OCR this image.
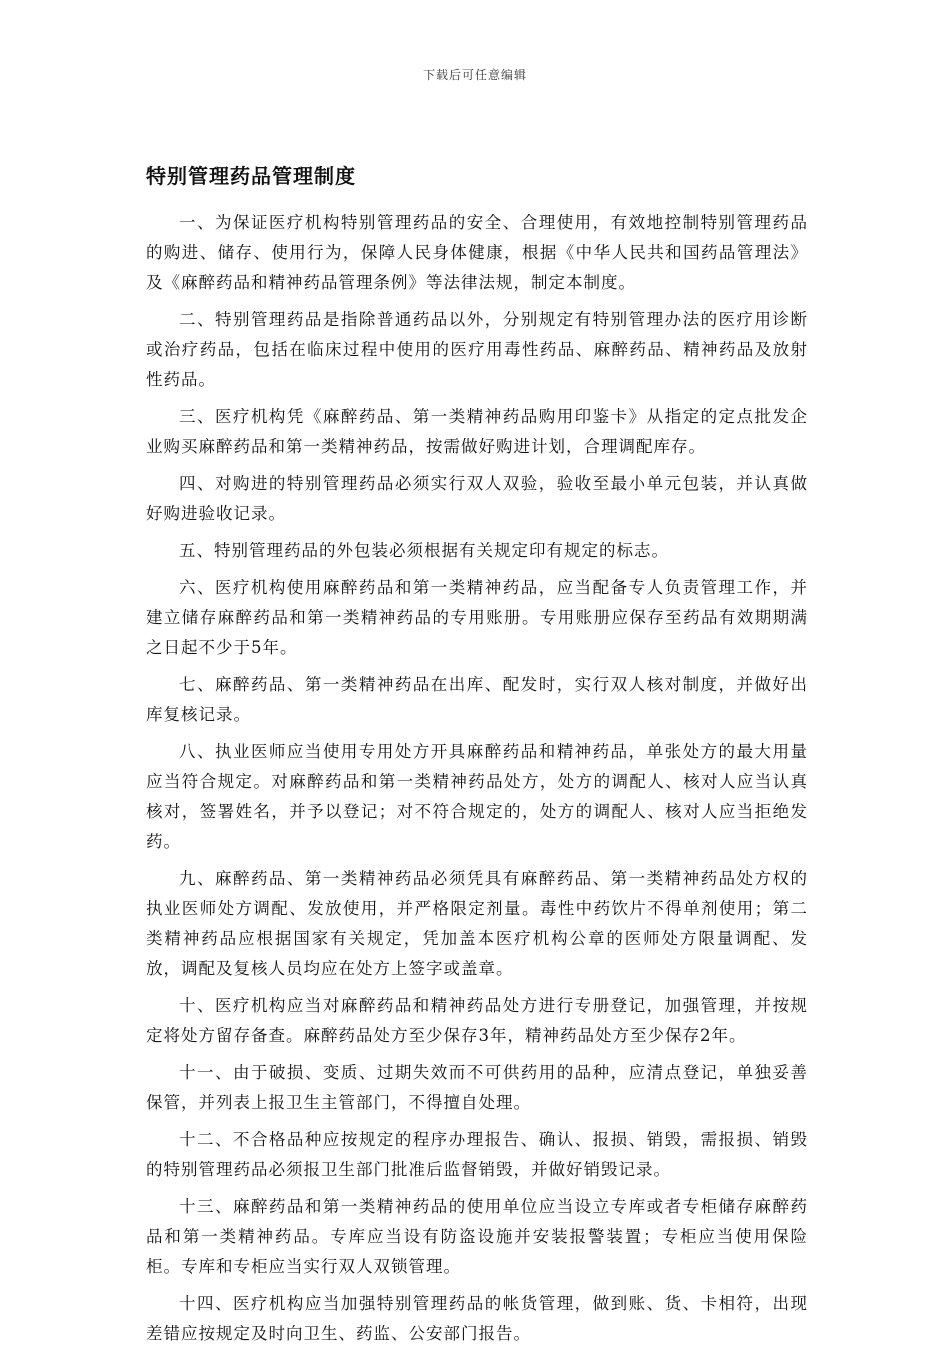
下载后可任意编辑
特别管理药品管理制度

一、为保证医疗机构特别管理药品的安全、合理使用，有效地控制特别管理药品的购进、储存、使用行为，保障人民身体健康，根据《中华人民共和国药品管理法》及《麻醉药品和精神药品管理条例》等法律法规，制定本制度。

二、特别管理药品是指除普通药品以外，分别规定有特别管理办法的医疗用诊断或治疗药品，包括在临床过程中使用的医疗用毒性药品、麻醉药品、精神药品及放射性药品。

三、医疗机构凭《麻醉药品、第一类精神药品购用印鉴卡》从指定的定点批发企业购买麻醉药品和第一类精神药品，按需做好购进计划，合理调配库存。

四、对购进的特别管理药品必须实行双人双验，验收至最小单元包装，并认真做好购进验收记录。

五、特别管理药品的外包装必须根据有关规定印有规定的标志。

六、医疗机构使用麻醉药品和第一类精神药品，应当配备专人负责管理工作，并建立储存麻醉药品和第一类精神药品的专用账册。专用账册应保存至药品有效期期满之日起不少于5年。

七、麻醉药品、第一类精神药品在出库、配发时，实行双人核对制度，并做好出库复核记录。

八、执业医师应当使用专用处方开具麻醉药品和精神药品，单张处方的最大用量应当符合规定。对麻醉药品和第一类精神药品处方，处方的调配人、核对人应当认真核对，签署姓名，并予以登记；对不符合规定的，处方的调配人、核对人应当拒绝发药。

九、麻醉药品、第一类精神药品必须凭具有麻醉药品、第一类精神药品处方权的执业医师处方调配、发放使用，并严格限定剂量。毒性中药饮片不得单剂使用；第二类精神药品应根据国家有关规定，凭加盖本医疗机构公章的医师处方限量调配、发放，调配及复核人员均应在处方上签字或盖章。

十、医疗机构应当对麻醉药品和精神药品处方进行专册登记，加强管理，并按规定将处方留存备查。麻醉药品处方至少保存3年，精神药品处方至少保存2年。

十一、由于破损、变质、过期失效而不可供药用的品种，应清点登记，单独妥善保管，并列表上报卫生主管部门，不得擅自处理。

十二、不合格品种应按规定的程序办理报告、确认、报损、销毁，需报损、销毁的特别管理药品必须报卫生部门批准后监督销毁，并做好销毁记录。

十三、麻醉药品和第一类精神药品的使用单位应当设立专库或者专柜储存麻醉药品和第一类精神药品。专库应当设有防盗设施并安装报警装置；专柜应当使用保险柜。专库和专柜应当实行双人双锁管理。

十四、医疗机构应当加强特别管理药品的帐货管理，做到账、货、卡相符，出现差错应按规定及时向卫生、药监、公安部门报告。
